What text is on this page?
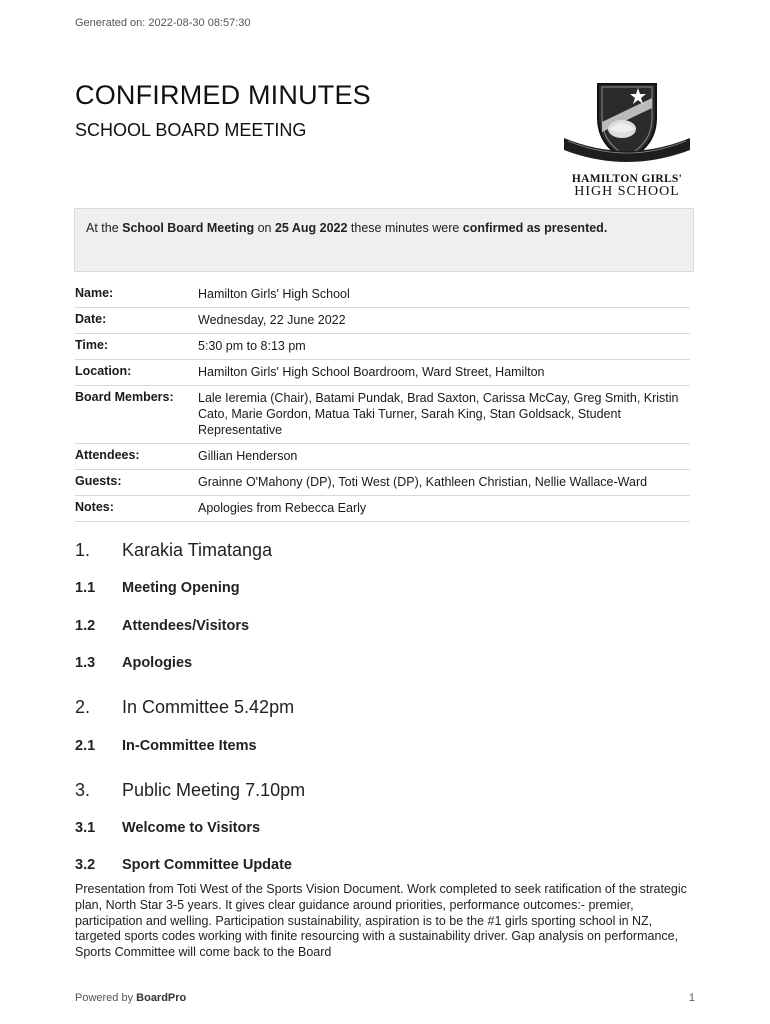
Generated on: 2022-08-30 08:57:30
CONFIRMED MINUTES
SCHOOL BOARD MEETING
HAMILTON GIRLS'
HIGH SCHOOL
At the School Board Meeting on 25 Aug 2022 these minutes were confirmed as presented.
Name:	Hamilton Girls' High School
Date:	Wednesday, 22 June 2022
Time:	5:30 pm to 8:13 pm
Location:	Hamilton Girls' High School Boardroom, Ward Street, Hamilton
Board Members:	Lale Ieremia (Chair), Batami Pundak, Brad Saxton, Carissa McCay, Greg Smith, Kristin Cato, Marie Gordon, Matua Taki Turner, Sarah King, Stan Goldsack, Student Representative
Attendees:	Gillian Henderson
Guests:	Grainne O'Mahony (DP), Toti West (DP), Kathleen Christian, Nellie Wallace-Ward
Notes:	Apologies from Rebecca Early
1. Karakia Timatanga
1.1 Meeting Opening
1.2 Attendees/Visitors
1.3 Apologies
2. In Committee 5.42pm
2.1 In-Committee Items
3. Public Meeting 7.10pm
3.1 Welcome to Visitors
3.2 Sport Committee Update
Presentation from Toti West of the Sports Vision Document. Work completed to seek ratification of the strategic plan, North Star 3-5 years. It gives clear guidance around priorities, performance outcomes:- premier, participation and welling. Participation sustainability, aspiration is to be the #1 girls sporting school in NZ, targeted sports codes working with finite resourcing with a sustainability driver. Gap analysis on performance, Sports Committee will come back to the Board
Powered by BoardPro	1
